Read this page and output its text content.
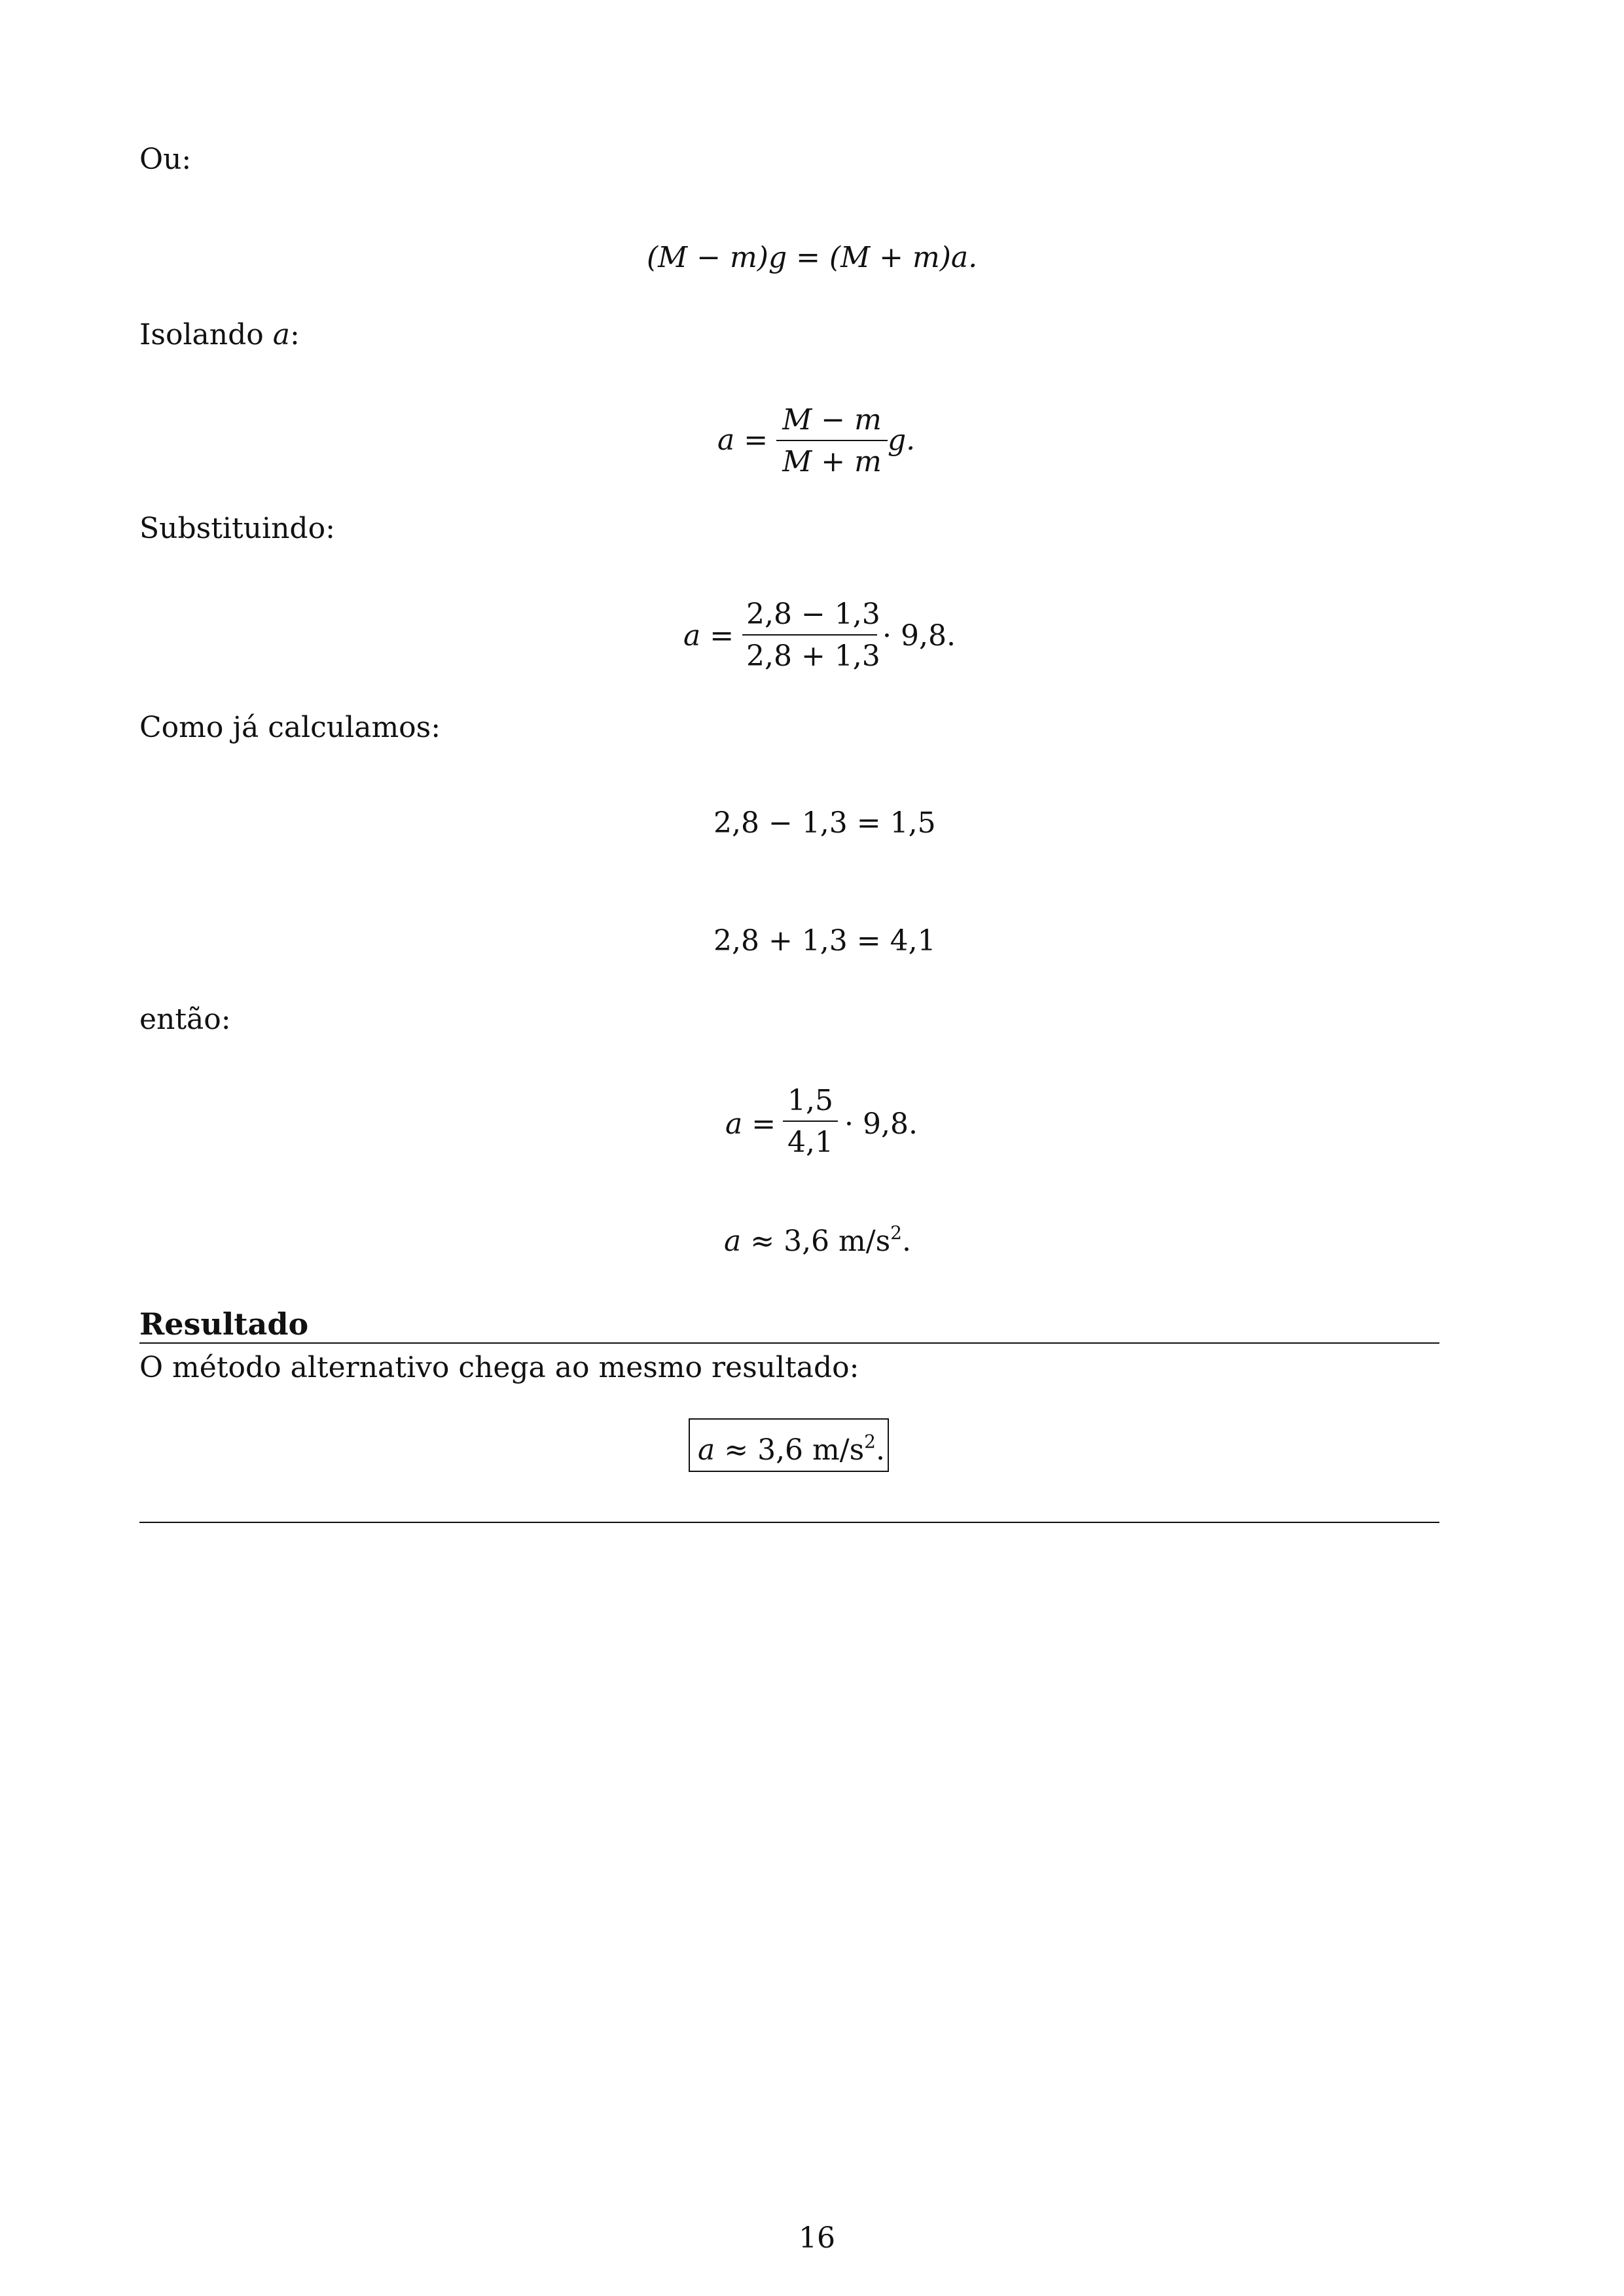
Ou:
(M − m)g = (M + m)a.
Isolando a:
a =
M − m
M + m
g.
Substituindo:
a =
2,8 − 1,3
2,8 + 1,3
· 9,8.
Como já calculamos:
2,8 − 1,3 = 1,5
2,8 + 1,3 = 4,1
então:
a =
1,5
4,1
· 9,8.
a ≈ 3,6 $m/s^2$.
Resultado
O método alternativo chega ao mesmo resultado:
a ≈ 3,6 $m/s^2$.
16
